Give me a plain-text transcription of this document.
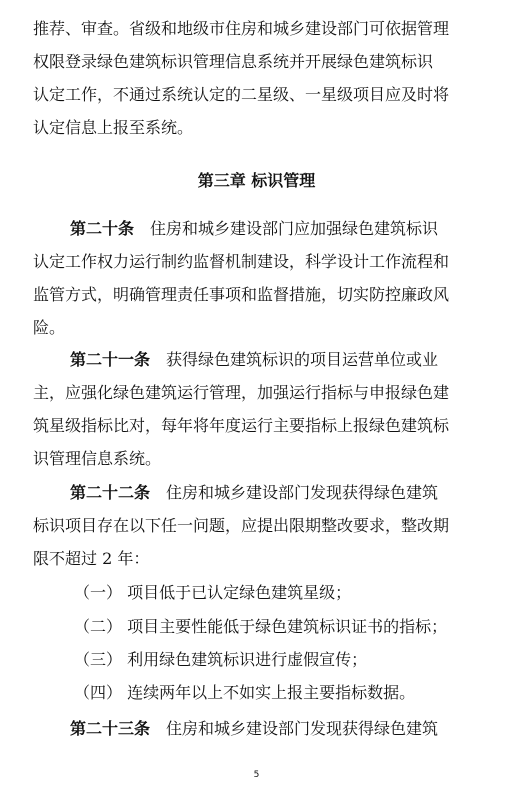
推荐、审查。省级和地级市住房和城乡建设部门可依据管理
权限登录绿色建筑标识管理信息系统并开展绿色建筑标识
认定工作，不通过系统认定的二星级、一星级项目应及时将
认定信息上报至系统。
第三章 标识管理
第二十条　住房和城乡建设部门应加强绿色建筑标识
认定工作权力运行制约监督机制建设，科学设计工作流程和
监管方式，明确管理责任事项和监督措施，切实防控廉政风
险。
第二十一条　获得绿色建筑标识的项目运营单位或业
主，应强化绿色建筑运行管理，加强运行指标与申报绿色建
筑星级指标比对，每年将年度运行主要指标上报绿色建筑标
识管理信息系统。
第二十二条　住房和城乡建设部门发现获得绿色建筑
标识项目存在以下任一问题，应提出限期整改要求，整改期
限不超过 2 年：
（一） 项目低于已认定绿色建筑星级；
（二） 项目主要性能低于绿色建筑标识证书的指标；
（三） 利用绿色建筑标识进行虚假宣传；
（四） 连续两年以上不如实上报主要指标数据。
第二十三条　住房和城乡建设部门发现获得绿色建筑
5
